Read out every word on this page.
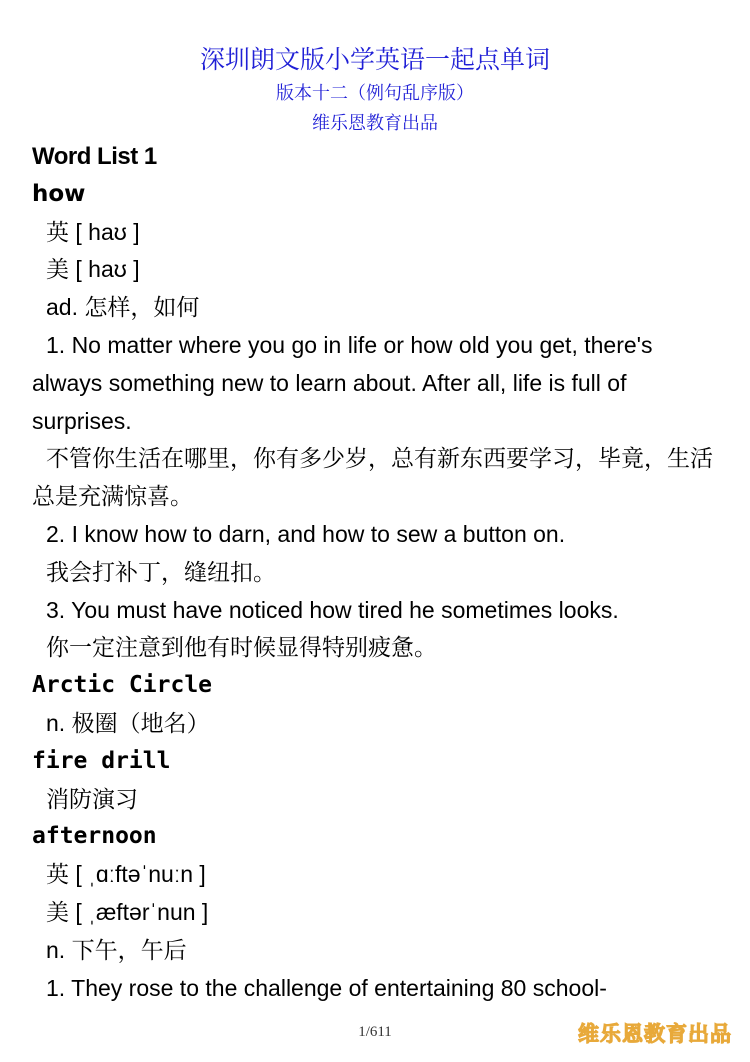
深圳朗文版小学英语一起点单词
版本十二（例句乱序版）
维乐恩教育出品
Word List 1
how
英 [ haʊ ]
美 [ haʊ ]
ad. 怎样，如何
1. No matter where you go in life or how old you get, there's always something new to learn about. After all, life is full of surprises.
不管你生活在哪里，你有多少岁，总有新东西要学习，毕竟，生活总是充满惊喜。
2. I know how to darn, and how to sew a button on.
我会打补丁，缝纽扣。
3. You must have noticed how tired he sometimes looks.
你一定注意到他有时候显得特别疲惫。
Arctic Circle
n. 极圈（地名）
fire drill
消防演习
afternoon
英 [ ˌɑːftəˈnuːn ]
美 [ ˌæftərˈnun ]
n. 下午，午后
1. They rose to the challenge of entertaining 80 school-
1/611	维乐恩教育出品
